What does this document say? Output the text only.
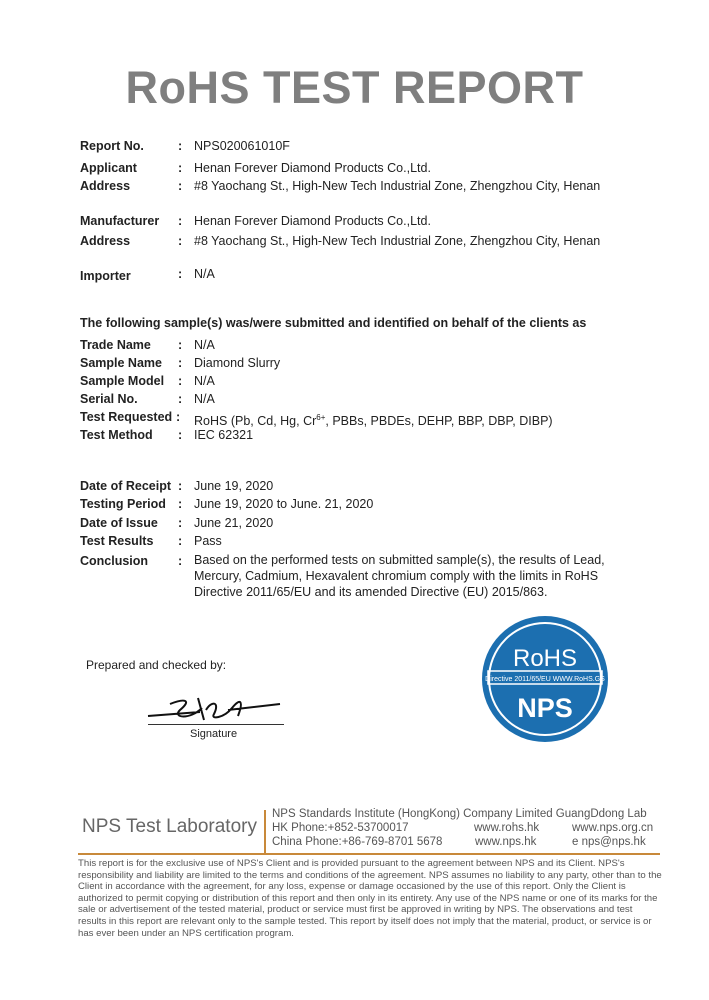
RoHS TEST REPORT
Report No.	: NPS020061010F
Applicant	: Henan Forever Diamond Products Co.,Ltd.
Address	: #8 Yaochang St., High-New Tech Industrial Zone, Zhengzhou City, Henan
Manufacturer : Henan Forever Diamond Products Co.,Ltd.
Address	: #8 Yaochang St., High-New Tech Industrial Zone, Zhengzhou City, Henan
Importer	: N/A
The following sample(s) was/were submitted and identified on behalf of the clients as
Trade Name : N/A
Sample Name : Diamond Slurry
Sample Model : N/A
Serial No.	: N/A
Test Requested : RoHS (Pb, Cd, Hg, $Cr^{6+}$, PBBs, PBDEs, DEHP, BBP, DBP, DIBP)
Test Method : IEC 62321
Date of Receipt : June 19, 2020
Testing Period : June 19, 2020 to June. 21, 2020
Date of Issue : June 21, 2020
Test Results : Pass
Conclusion : Based on the performed tests on submitted sample(s), the results of Lead, Mercury, Cadmium, Hexavalent chromium comply with the limits in RoHS Directive 2011/65/EU and its amended Directive (EU) 2015/863.
Prepared and checked by:
Signature
RoHS
Directive 2011/65/EU WWW.RoHS.GS
NPS
NPS Test Laboratory
NPS Standards Institute (HongKong) Company Limited GuangDdong Lab
HK Phone:+852-53700017	www.rohs.hk	www.nps.org.cn
China Phone:+86-769-8701 5678	www.nps.hk	e nps@nps.hk
This report is for the exclusive use of NPS's Client and is provided pursuant to the agreement between NPS and its Client. NPS's responsibility and liability are limited to the terms and conditions of the agreement. NPS assumes no liability to any party, other than to the Client in accordance with the agreement, for any loss, expense or damage occasioned by the use of this report. Only the Client is authorized to permit copying or distribution of this report and then only in its entirety. Any use of the NPS name or one of its marks for the sale or advertisement of the tested material, product or service must first be approved in writing by NPS. The observations and test results in this report are relevant only to the sample tested. This report by itself does not imply that the material, product, or service is or has ever been under an NPS certification program.
